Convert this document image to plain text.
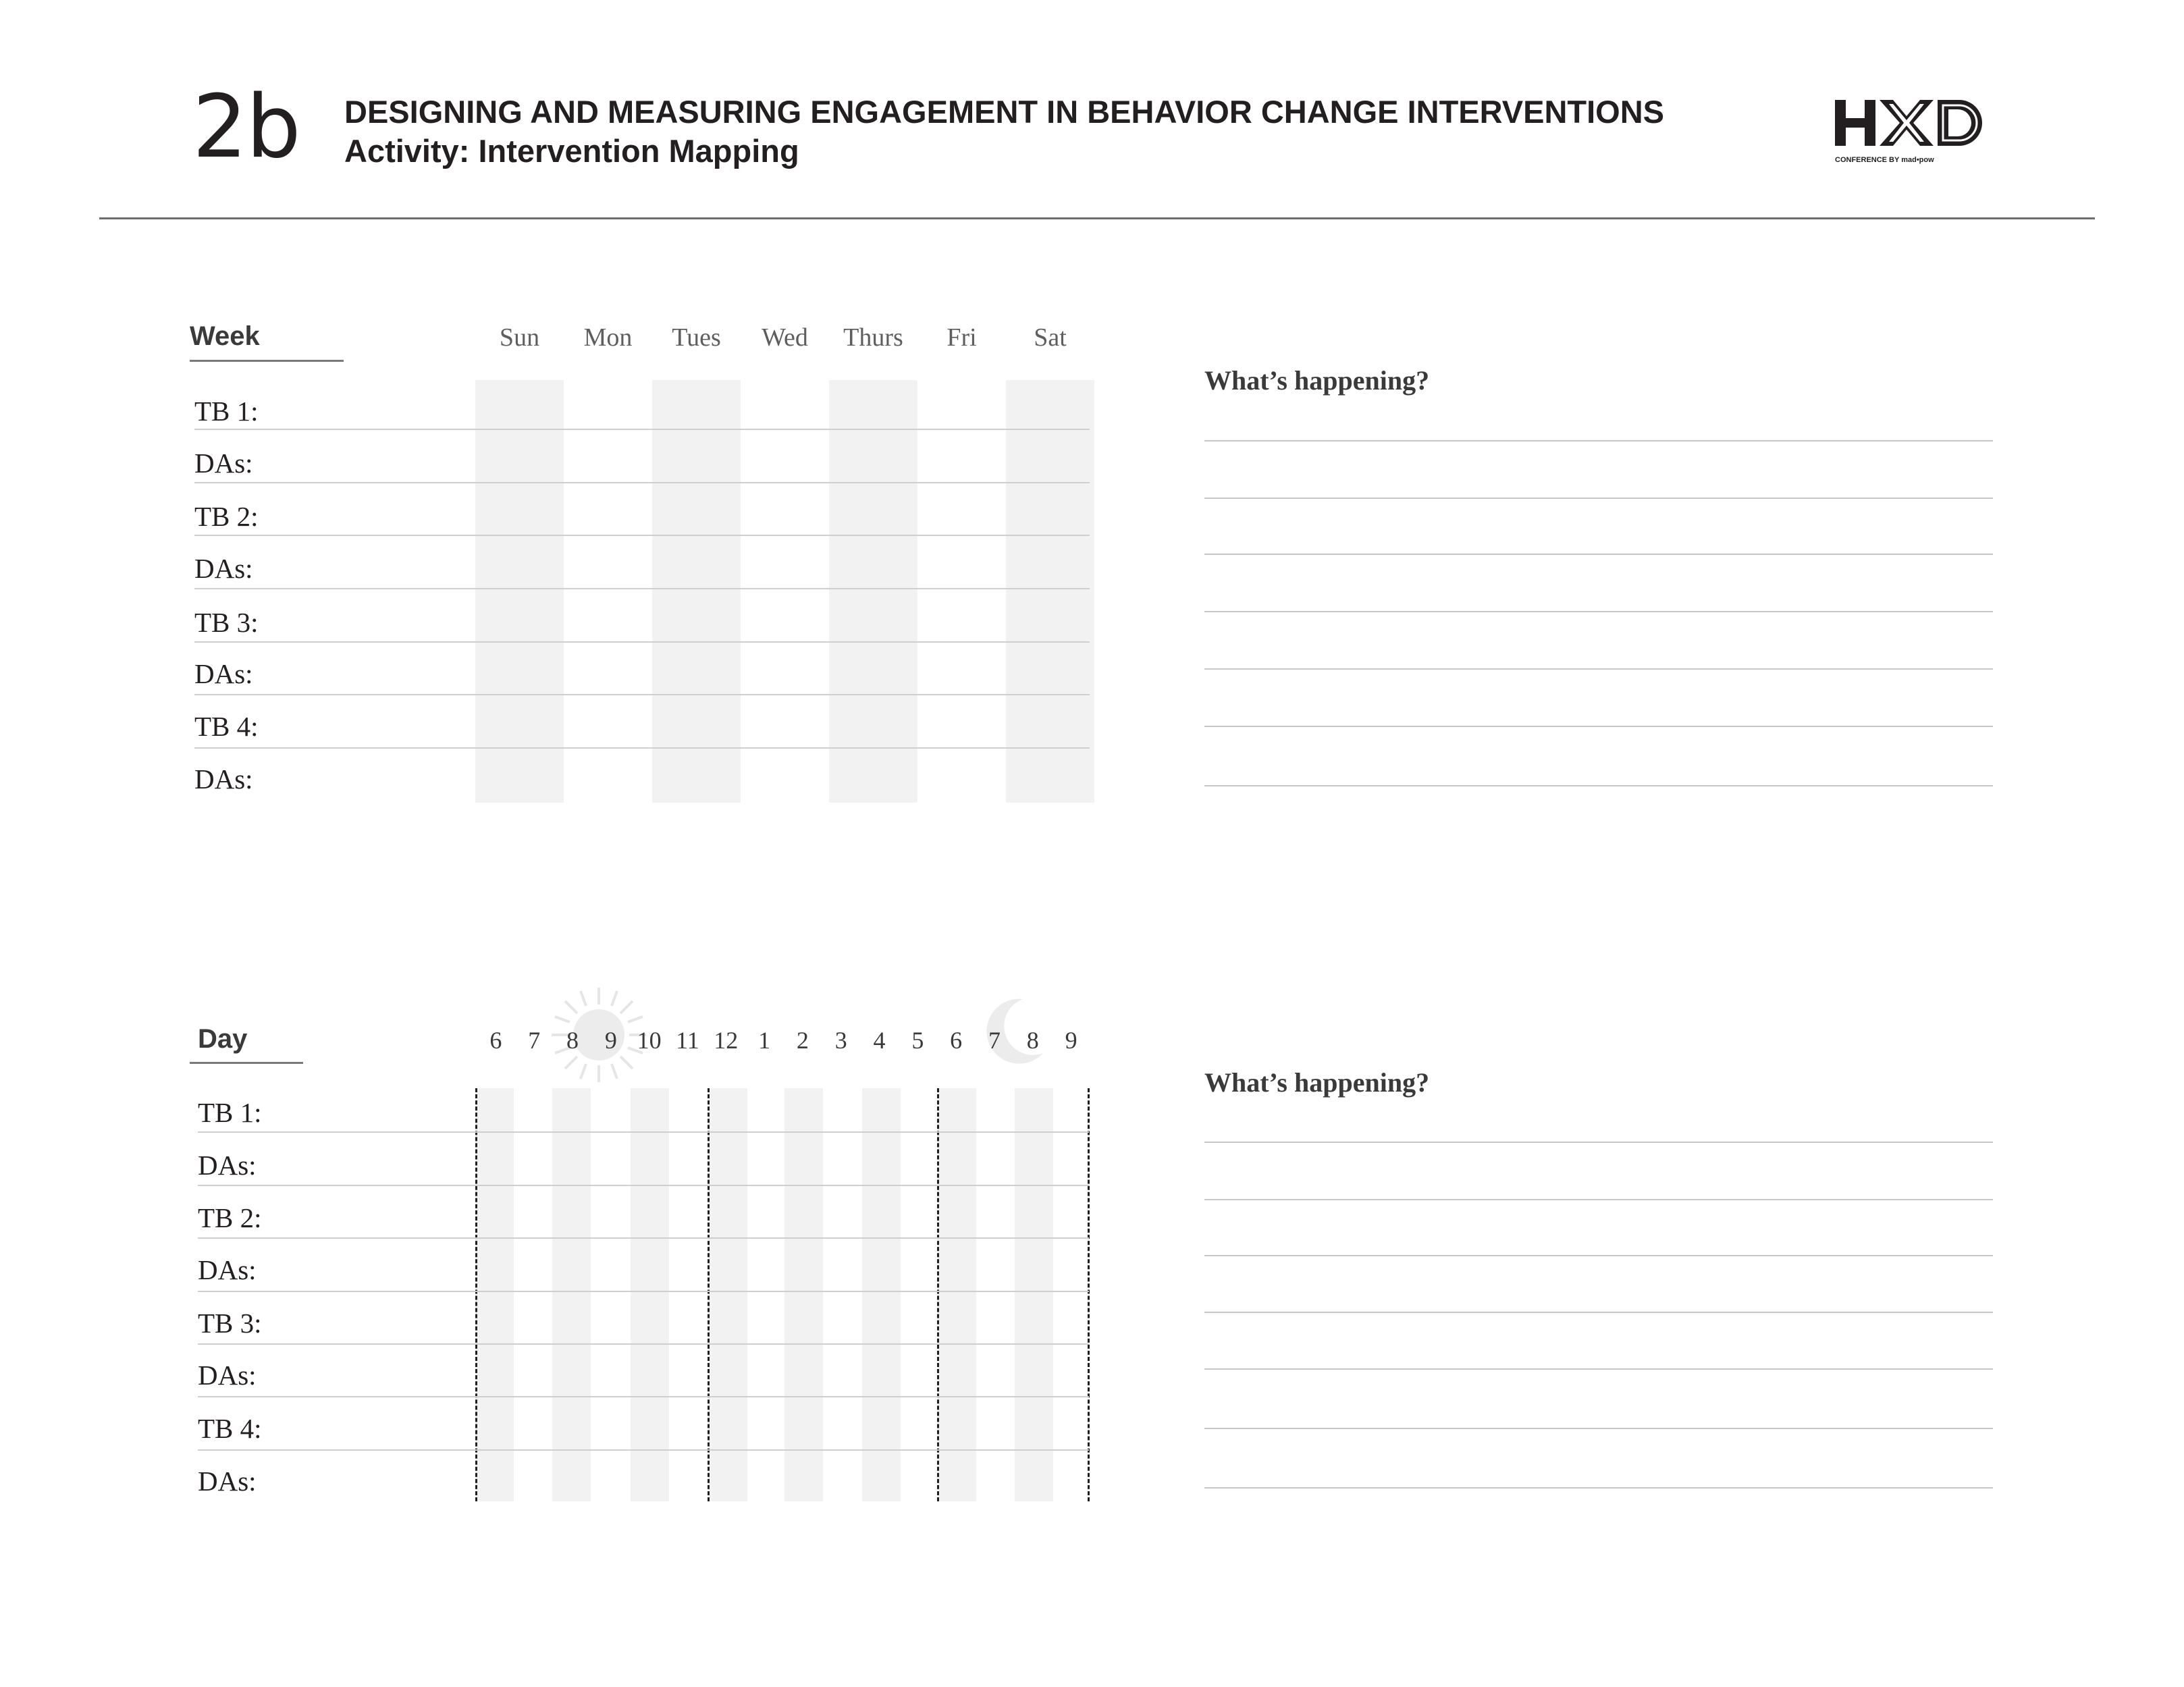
2b DESIGNING AND MEASURING ENGAGEMENT IN BEHAVIOR CHANGE INTERVENTIONS
Activity: Intervention Mapping	CONFERENCE BY mad•pow
Week	Sun Mon Tues Wed Thurs Fri Sat
TB 1:
DAs:
TB 2:
DAs:
TB 3:
DAs:
TB 4:
DAs:
What’s happening?
Day	6 7 8 9 10 11 12 1 2 3 4 5 6 7 8 9
TB 1:
DAs:
TB 2:
DAs:
TB 3:
DAs:
TB 4:
DAs:
What’s happening?
